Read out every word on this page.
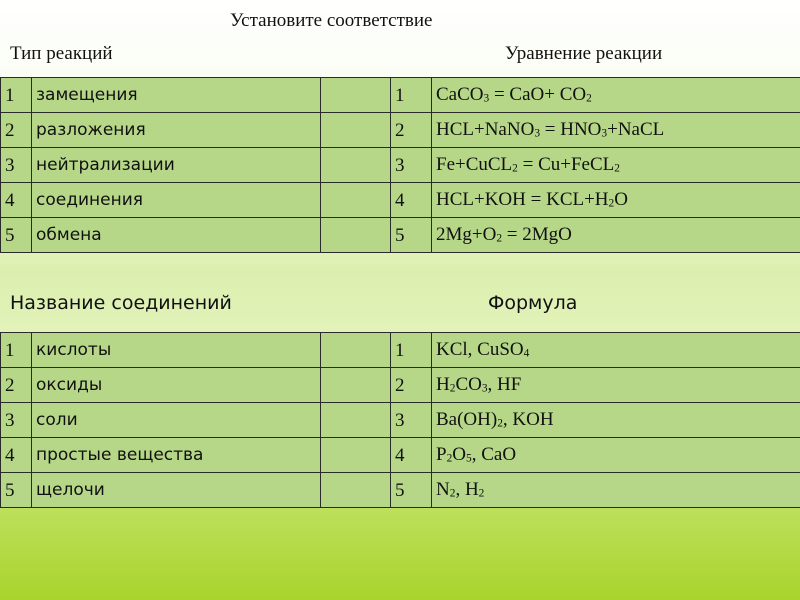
Установите соответствие
Тип реакций	Уравнение реакции
1	замещения		1	CaCO$_3$ = $CaO+ CO_2$
2	разложения		2	HCL+NaNO$_3$ = $HNO_3+NaCL$
3	нейтрализации		3	Fe+CuCL$_2$ = Cu+FeCL$_2$
4	соединения		4	$HCL+KOH = KCL+H_2O$
5	обмена		5	$2Mg+O_2 = 2MgO$
Название соединений	Формула
1	кислоты		1	KCl, CuSO$_4$
2	оксиды		2	$H_2CO_3$, HF
3	соли		3	$Ba(OH)_2$, KOH
4	простые вещества		4	$P_2O_5$, CaO
5	щелочи		5	$N_2$, $H_2$
